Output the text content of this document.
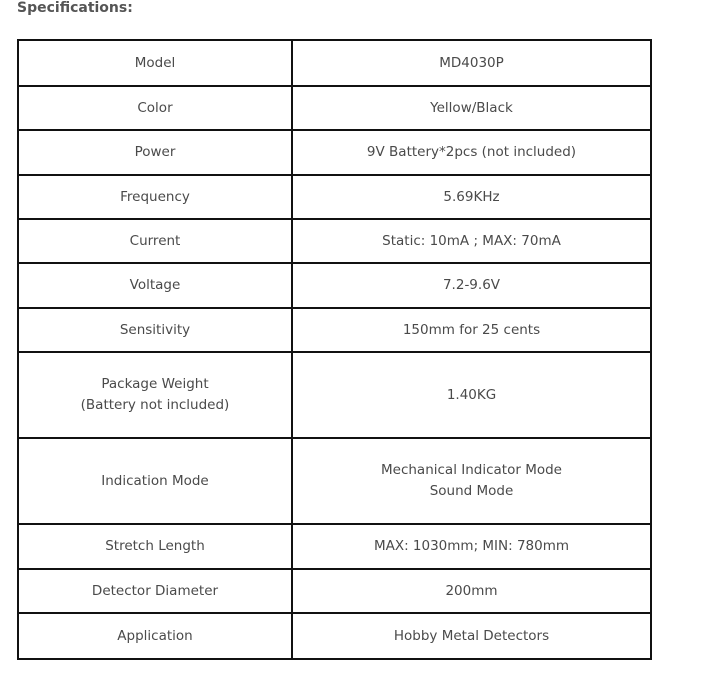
Specifications:
Model	MD4030P

Color	Yellow/Black

Power	9V Battery*2pcs (not included)

Frequency	5.69KHz

Current	Static: 10mA ; MAX: 70mA

Voltage	7.2-9.6V

Sensitivity	150mm for 25 cents

Package Weight
(Battery not included)	1.40KG

Indication Mode	Mechanical Indicator Mode
Sound Mode

Stretch Length	MAX: 1030mm; MIN: 780mm

Detector Diameter	200mm

Application	Hobby Metal Detectors
